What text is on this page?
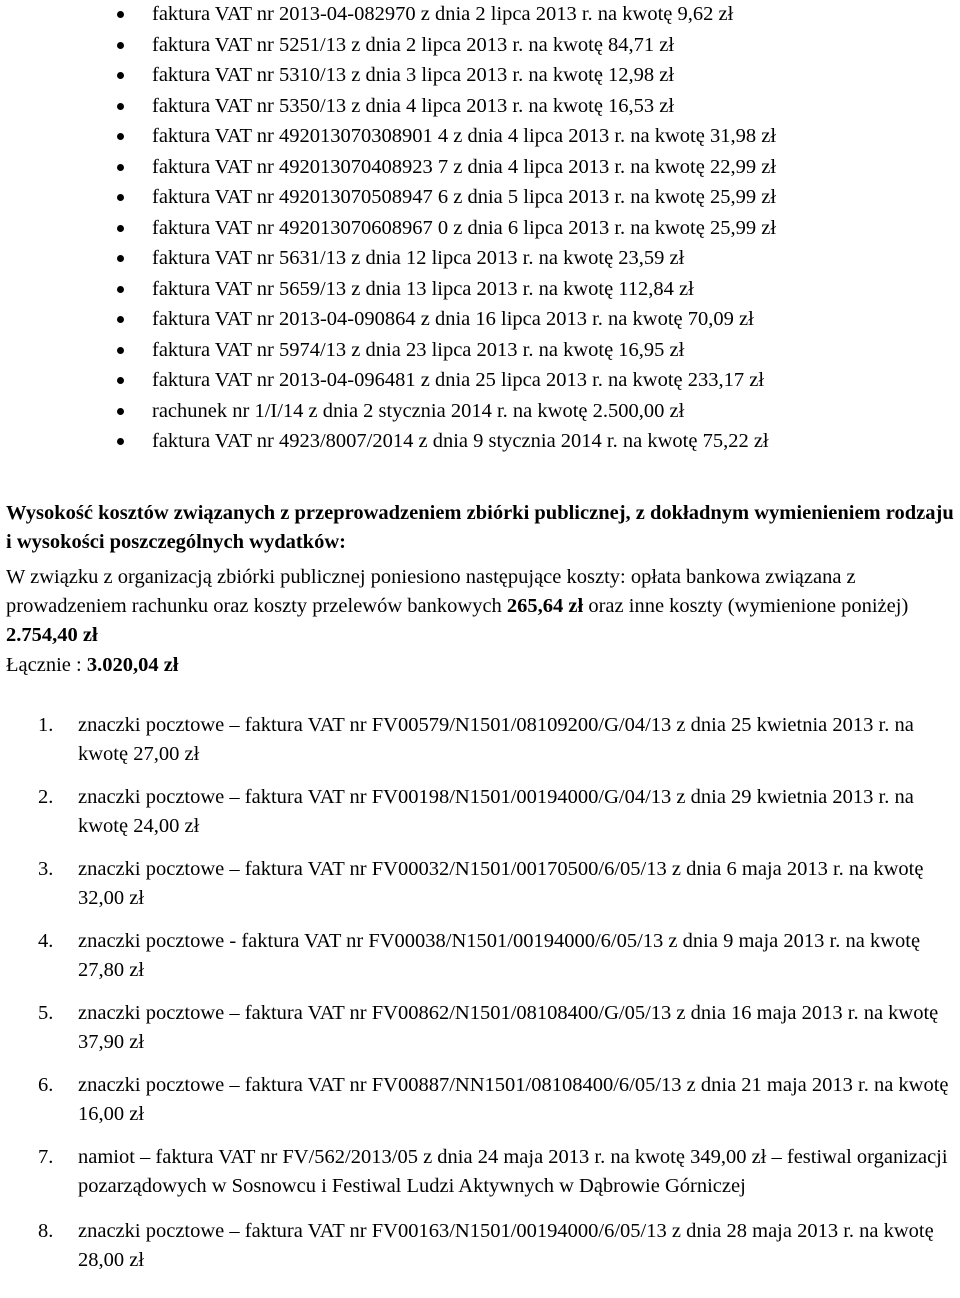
faktura VAT nr 2013-04-082970 z dnia 2 lipca 2013 r. na kwotę 9,62 zł
faktura VAT nr 5251/13 z dnia 2 lipca 2013 r. na kwotę 84,71 zł
faktura VAT nr 5310/13 z dnia 3 lipca 2013 r. na kwotę 12,98 zł
faktura VAT nr 5350/13 z dnia 4 lipca 2013 r. na kwotę 16,53 zł
faktura VAT nr 492013070308901 4 z dnia 4 lipca 2013 r. na kwotę 31,98 zł
faktura VAT nr 492013070408923 7 z dnia 4 lipca 2013 r. na kwotę 22,99 zł
faktura VAT nr 492013070508947 6 z dnia 5 lipca 2013 r. na kwotę 25,99 zł
faktura VAT nr 492013070608967 0 z dnia 6 lipca 2013 r. na kwotę 25,99 zł
faktura VAT nr 5631/13 z dnia 12 lipca 2013 r. na kwotę 23,59 zł
faktura VAT nr 5659/13 z dnia 13 lipca 2013 r. na kwotę 112,84 zł
faktura VAT nr 2013-04-090864 z dnia 16 lipca 2013 r. na kwotę 70,09 zł
faktura VAT nr 5974/13 z dnia 23 lipca 2013 r. na kwotę 16,95 zł
faktura VAT nr 2013-04-096481 z dnia 25 lipca 2013 r. na kwotę 233,17 zł
rachunek nr 1/I/14 z dnia 2 stycznia 2014 r. na kwotę 2.500,00 zł
faktura VAT nr 4923/8007/2014 z dnia 9 stycznia 2014 r. na kwotę 75,22 zł
Wysokość kosztów związanych z przeprowadzeniem zbiórki publicznej, z dokładnym wymienieniem rodzaju i wysokości poszczególnych wydatków:
W związku z organizacją zbiórki publicznej poniesiono następujące koszty: opłata bankowa związana z prowadzeniem rachunku oraz koszty przelewów bankowych 265,64 zł oraz inne koszty (wymienione poniżej) 2.754,40 zł
Łącznie : 3.020,04 zł
1. znaczki pocztowe – faktura VAT nr FV00579/N1501/08109200/G/04/13 z dnia 25 kwietnia 2013 r. na kwotę 27,00 zł
2. znaczki pocztowe – faktura VAT nr FV00198/N1501/00194000/G/04/13 z dnia 29 kwietnia 2013 r. na kwotę 24,00 zł
3. znaczki pocztowe – faktura VAT nr FV00032/N1501/00170500/6/05/13 z dnia 6 maja 2013 r. na kwotę 32,00 zł
4. znaczki pocztowe - faktura VAT nr FV00038/N1501/00194000/6/05/13 z dnia 9 maja 2013 r. na kwotę 27,80 zł
5. znaczki pocztowe – faktura VAT nr FV00862/N1501/08108400/G/05/13 z dnia 16 maja 2013 r. na kwotę 37,90 zł
6. znaczki pocztowe – faktura VAT nr FV00887/NN1501/08108400/6/05/13 z dnia 21 maja 2013 r. na kwotę 16,00 zł
7. namiot – faktura VAT nr FV/562/2013/05 z dnia 24 maja 2013 r. na kwotę 349,00 zł – festiwal organizacji pozarządowych w Sosnowcu i Festiwal Ludzi Aktywnych w Dąbrowie Górniczej
8. znaczki pocztowe – faktura VAT nr FV00163/N1501/00194000/6/05/13 z dnia 28 maja 2013 r. na kwotę 28,00 zł
